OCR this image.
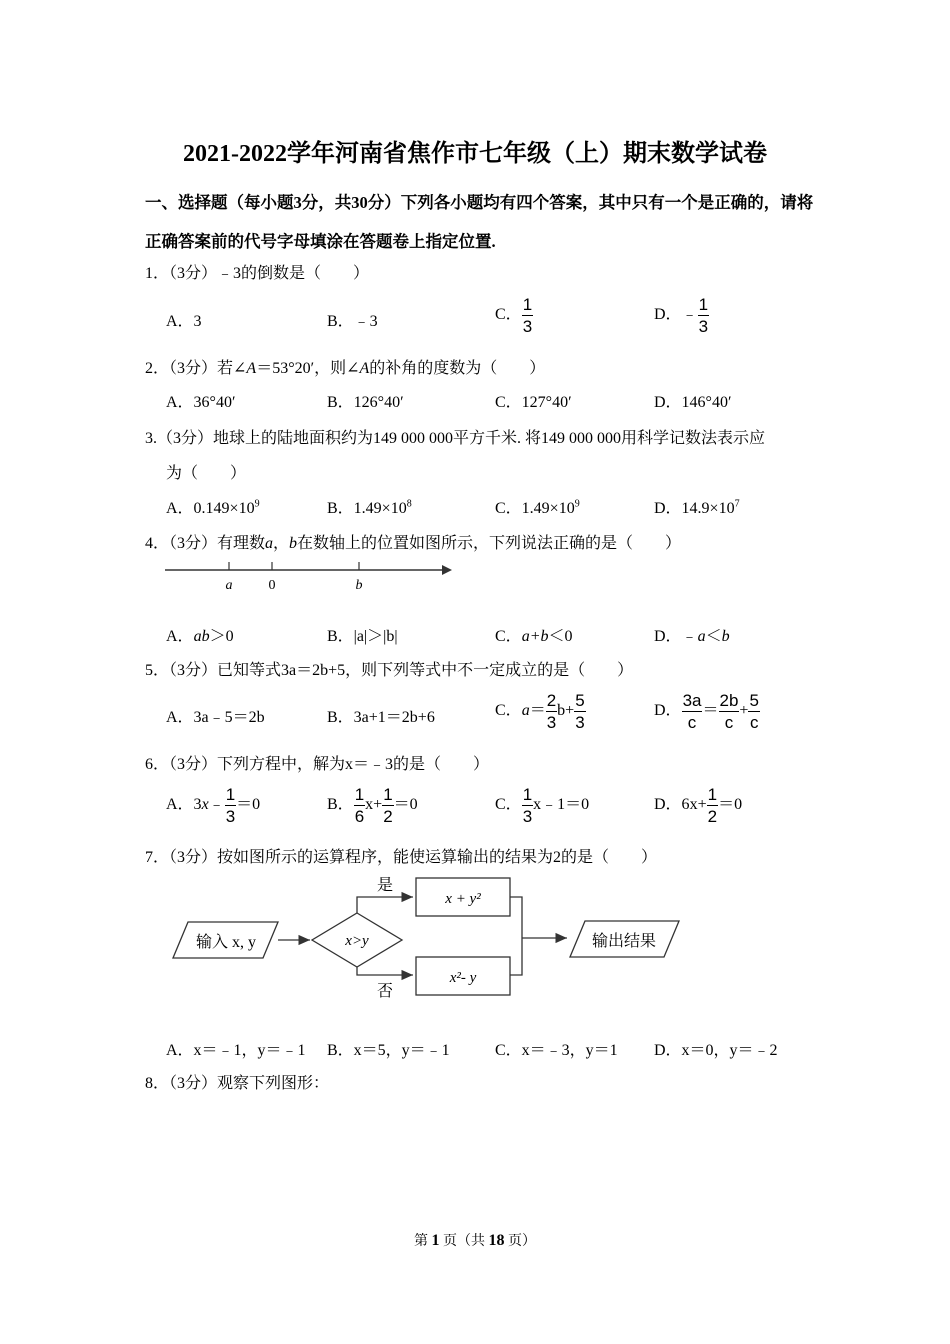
2021-2022学年河南省焦作市七年级（上）期末数学试卷
一、选择题（每小题3分，共30分）下列各小题均有四个答案，其中只有一个是正确的，请将
正确答案前的代号字母填涂在答题卷上指定位置.
1．（3分）﹣3的倒数是（　　）
A．3	B．﹣3	C． $\frac{1}{3}$	D．﹣ $\frac{1}{3}$
2．（3分）若∠A＝53°20′，则∠A的补角的度数为（　　）
A．36°40′	B．126°40′	C．127°40′	D．146°40′
3.（3分）地球上的陆地面积约为149 000 000平方千米. 将149 000 000用科学记数法表示应
为（　　）
A．$0.149\times 10^9$	B．$1.49\times 10^8$	C．$1.49\times 10^9$	D．$14.9\times 10^7$
4．（3分）有理数a，b在数轴上的位置如图所示，下列说法正确的是（　　）
a	0	b
A．ab＞0	B．|a|＞|b|	C．a+b＜0	D．﹣a＜b
5．（3分）已知等式3a＝2b+5，则下列等式中不一定成立的是（　　）
A．3a﹣5＝2b	B．3a+1＝2b+6	C．$a= \frac{2}{3} b+ \frac{5}{3}$	D． $\frac{3a}{c} = \frac{2b}{c} + \frac{5}{c}$
6．（3分）下列方程中，解为x＝﹣3的是（　　）
A．3x﹣ $\frac{1}{3} =0$	B． $\frac{1}{6} x+ \frac{1}{2} =0$	C． $\frac{1}{3}$ x﹣1＝0	D．$6x+ \frac{1}{2} =0$
7．（3分）按如图所示的运算程序，能使运算输出的结果为2的是（　　）
输入 x, y	x>y
是
否
x + y²
x²- y
输出结果
A．x＝﹣1，y＝﹣1 B．x＝5，y＝﹣1	C．x＝﹣3，y＝1 D．x＝0，y＝﹣2
8．（3分）观察下列图形：
第 1 页（共 18 页）
